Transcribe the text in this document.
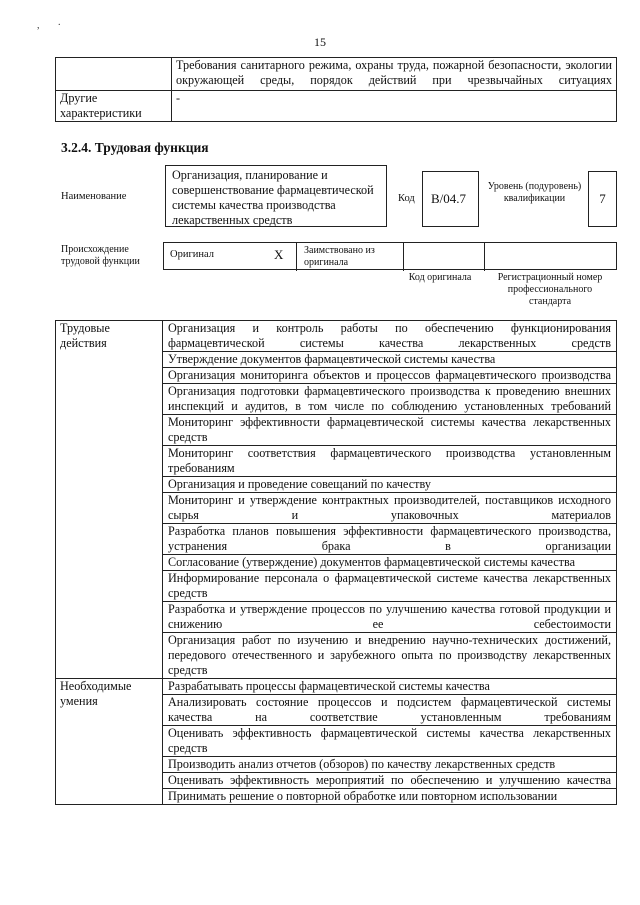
, .
15
	Требования санитарного режима, охраны труда, пожарной безопасности, экологии окружающей среды, порядок действий при чрезвычайных ситуациях
Другие характеристики	-
3.2.4. Трудовая функция
Наименование
Организация, планирование и совершенствование фармацевтической системы качества производства лекарственных средств
Код	B/04.7
Уровень (подуровень) квалификации	7
Происхождение трудовой функции
Оригинал	X Заимствовано из оригинала
Код оригинала	Регистрационный номер профессионального стандарта
Трудовые действия	Организация и контроль работы по обеспечению функционирования фармацевтической системы качества лекарственных средств
	Утверждение документов фармацевтической системы качества
	Организация мониторинга объектов и процессов фармацевтического производства
	Организация подготовки фармацевтического производства к проведению внешних инспекций и аудитов, в том числе по соблюдению установленных требований
	Мониторинг эффективности фармацевтической системы качества лекарственных средств
	Мониторинг соответствия фармацевтического производства установленным требованиям
	Организация и проведение совещаний по качеству
	Мониторинг и утверждение контрактных производителей, поставщиков исходного сырья и упаковочных материалов
	Разработка планов повышения эффективности фармацевтического производства, устранения брака в организации
	Согласование (утверждение) документов фармацевтической системы качества
	Информирование персонала о фармацевтической системе качества лекарственных средств
	Разработка и утверждение процессов по улучшению качества готовой продукции и снижению ее себестоимости
	Организация работ по изучению и внедрению научно-технических достижений, передового отечественного и зарубежного опыта по производству лекарственных средств
Необходимые умения	Разрабатывать процессы фармацевтической системы качества
	Анализировать состояние процессов и подсистем фармацевтической системы качества на соответствие установленным требованиям
	Оценивать эффективность фармацевтической системы качества лекарственных средств
	Производить анализ отчетов (обзоров) по качеству лекарственных средств
	Оценивать эффективность мероприятий по обеспечению и улучшению качества
	Принимать решение о повторной обработке или повторном использовании
